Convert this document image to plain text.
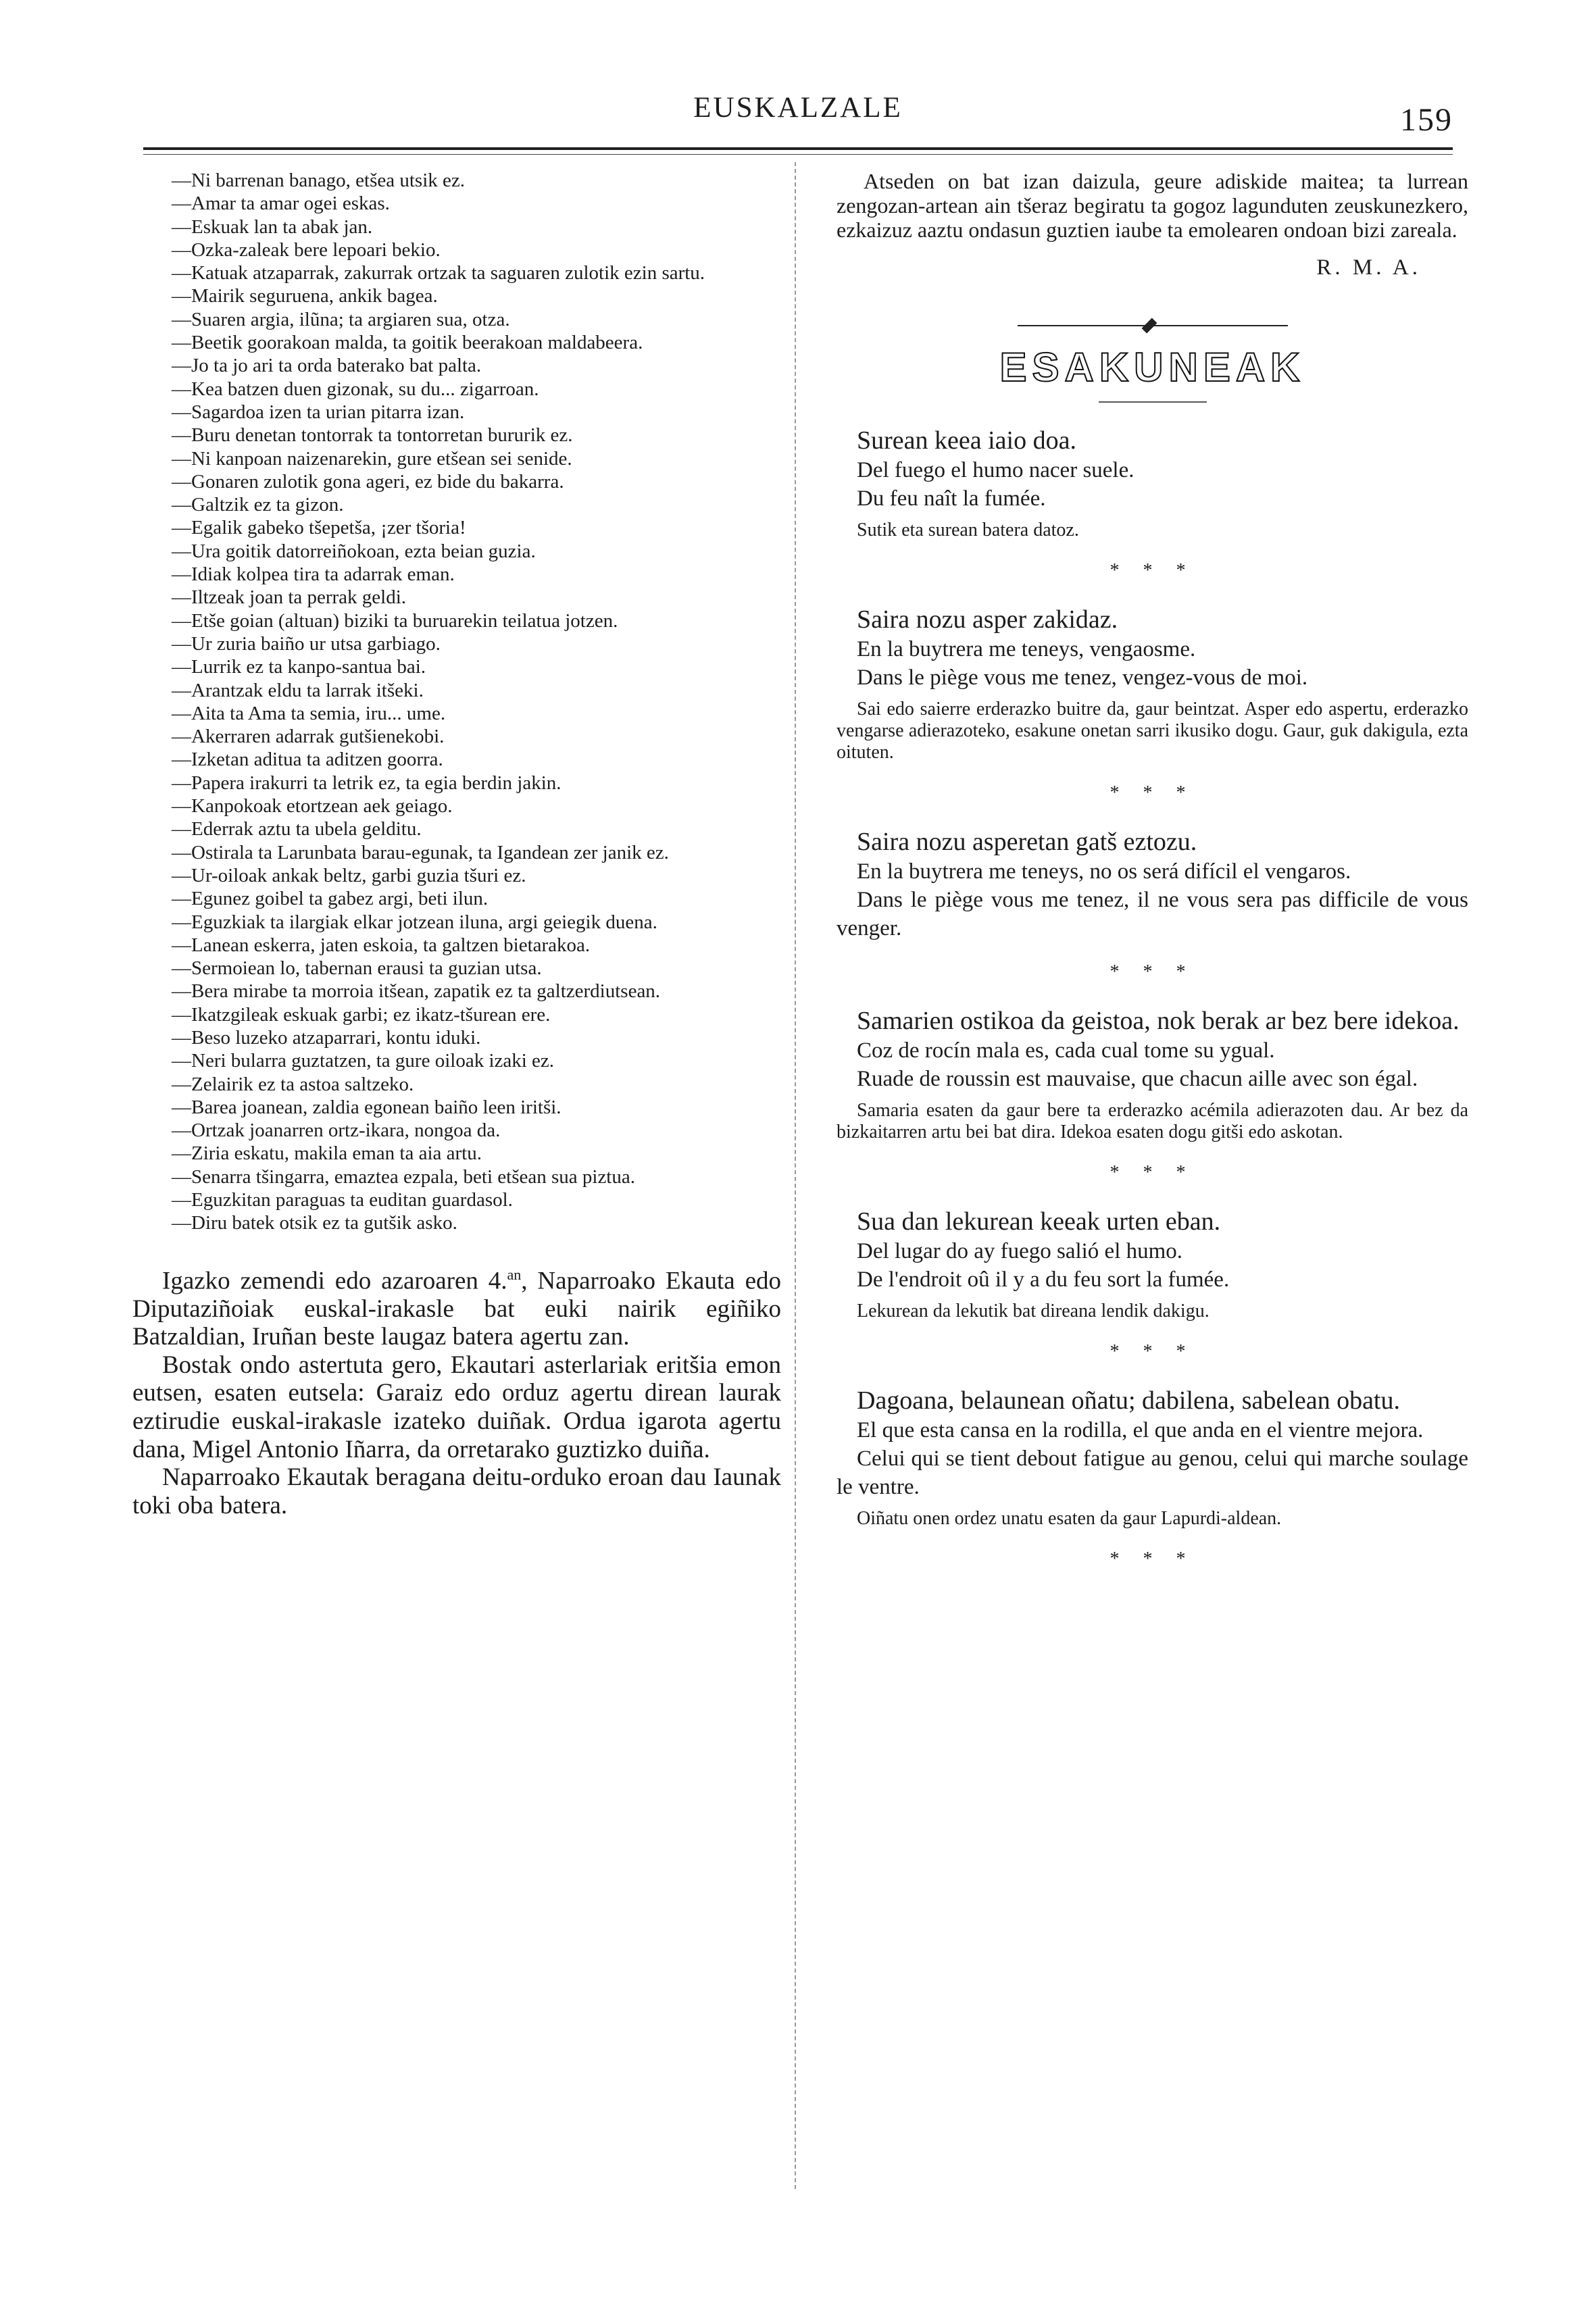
EUSKALZALE	159

—Ni barrenan banago, etšea utsik ez.

—Amar ta amar ogei eskas.

—Eskuak lan ta abak jan.

—Ozka-zaleak bere lepoari bekio.

—Katuak atzaparrak, zakurrak ortzak ta saguaren zulotik ezin sartu.

—Mairik seguruena, ankik bagea.

—Suaren argia, ilũna; ta argiaren sua, otza.

—Beetik goorakoan malda, ta goitik beerakoan maldabeera.

—Jo ta jo ari ta orda baterako bat palta.

—Kea batzen duen gizonak, su du... zigarroan.

—Sagardoa izen ta urian pitarra izan.

—Buru denetan tontorrak ta tontorretan bururik ez.

—Ni kanpoan naizenarekin, gure etšean sei senide.

—Gonaren zulotik gona ageri, ez bide du bakarra.

—Galtzik ez ta gizon.

—Egalik gabeko tšepetša, ¡zer tšoria!

—Ura goitik datorreiñokoan, ezta beian guzia.

—Idiak kolpea tira ta adarrak eman.

—Iltzeak joan ta perrak geldi.

—Etše goian (altuan) biziki ta buruarekin teilatua jotzen.

—Ur zuria baiño ur utsa garbiago.

—Lurrik ez ta kanpo-santua bai.

—Arantzak eldu ta larrak itšeki.

—Aita ta Ama ta semia, iru... ume.

—Akerraren adarrak gutšienekobi.

—Izketan aditua ta aditzen goorra.

—Papera irakurri ta letrik ez, ta egia berdin jakin.

—Kanpokoak etortzean aek geiago.

—Ederrak aztu ta ubela gelditu.

—Ostirala ta Larunbata barau-egunak, ta Igandean zer janik ez.

—Ur-oiloak ankak beltz, garbi guzia tšuri ez.

—Egunez goibel ta gabez argi, beti ilun.

—Eguzkiak ta ilargiak elkar jotzean iluna, argi geiegik duena.

—Lanean eskerra, jaten eskoia, ta galtzen bietarakoa.

—Sermoiean lo, tabernan erausi ta guzian utsa.

—Bera mirabe ta morroia itšean, zapatik ez ta galtzerdiutsean.

—Ikatzgileak eskuak garbi; ez ikatz-tšurean ere.

—Beso luzeko atzaparrari, kontu iduki.

—Neri bularra guztatzen, ta gure oiloak izaki ez.

—Zelairik ez ta astoa saltzeko.

—Barea joanean, zaldia egonean baiño leen iritši.

—Ortzak joanarren ortz-ikara, nongoa da.

—Ziria eskatu, makila eman ta aia artu.

—Senarra tšingarra, emaztea ezpala, beti etšean sua piztua.

—Eguzkitan paraguas ta euditan guardasol.

—Diru batek otsik ez ta gutšik asko.

Igazko zemendi edo azaroaren 4.$^{an}$, Naparroako Ekauta edo Diputaziñoiak euskal-irakasle bat euki nairik egiñiko Batzaldian, Iruñan beste laugaz batera agertu zan.

Bostak ondo astertuta gero, Ekautari asterlariak eritšia emon eutsen, esaten eutsela: Garaiz edo orduz agertu direan laurak eztirudie euskal-irakasle izateko duiñak. Ordua igarota agertu dana, Migel Antonio Iñarra, da orretarako guztizko duiña.

Naparroako Ekautak beragana deitu-orduko eroan dau Iaunak toki oba batera.

Atseden on bat izan daizula, geure adiskide maitea; ta lurrean zengozan-artean ain tšeraz begiratu ta gogoz lagunduten zeuskunezkero, ezkaizuz aaztu ondasun guztien iaube ta emolearen ondoan bizi zareala.

R. M. A.
ESAKUNEAK

Surean keea iaio doa.

Del fuego el humo nacer suele.

Du feu naît la fumée.

Sutik eta surean batera datoz.

* * *

Saira nozu asper zakidaz.

En la buytrera me teneys, vengaosme.

Dans le piège vous me tenez, vengez-vous de moi.

Sai edo saierre erderazko buitre da, gaur beintzat. Asper edo aspertu, erderazko vengarse adierazoteko, esakune onetan sarri ikusiko dogu. Gaur, guk dakigula, ezta oituten.

* * *

Saira nozu asperetan gatš eztozu.

En la buytrera me teneys, no os será difícil el vengaros.

Dans le piège vous me tenez, il ne vous sera pas difficile de vous venger.

* * *

Samarien ostikoa da geistoa, nok berak ar bez bere idekoa.

Coz de rocín mala es, cada cual tome su ygual.

Ruade de roussin est mauvaise, que chacun aille avec son égal.

Samaria esaten da gaur bere ta erderazko acémila adierazoten dau. Ar bez da bizkaitarren artu bei bat dira. Idekoa esaten dogu gitši edo askotan.

* * *

Sua dan lekurean keeak urten eban.

Del lugar do ay fuego salió el humo.

De l'endroit oû il y a du feu sort la fumée.

Lekurean da lekutik bat direana lendik dakigu.

* * *

Dagoana, belaunean oñatu; dabilena, sabelean obatu.

El que esta cansa en la rodilla, el que anda en el vientre mejora.

Celui qui se tient debout fatigue au genou, celui qui marche soulage le ventre.

Oiñatu onen ordez unatu esaten da gaur Lapurdi-aldean.

* * *
